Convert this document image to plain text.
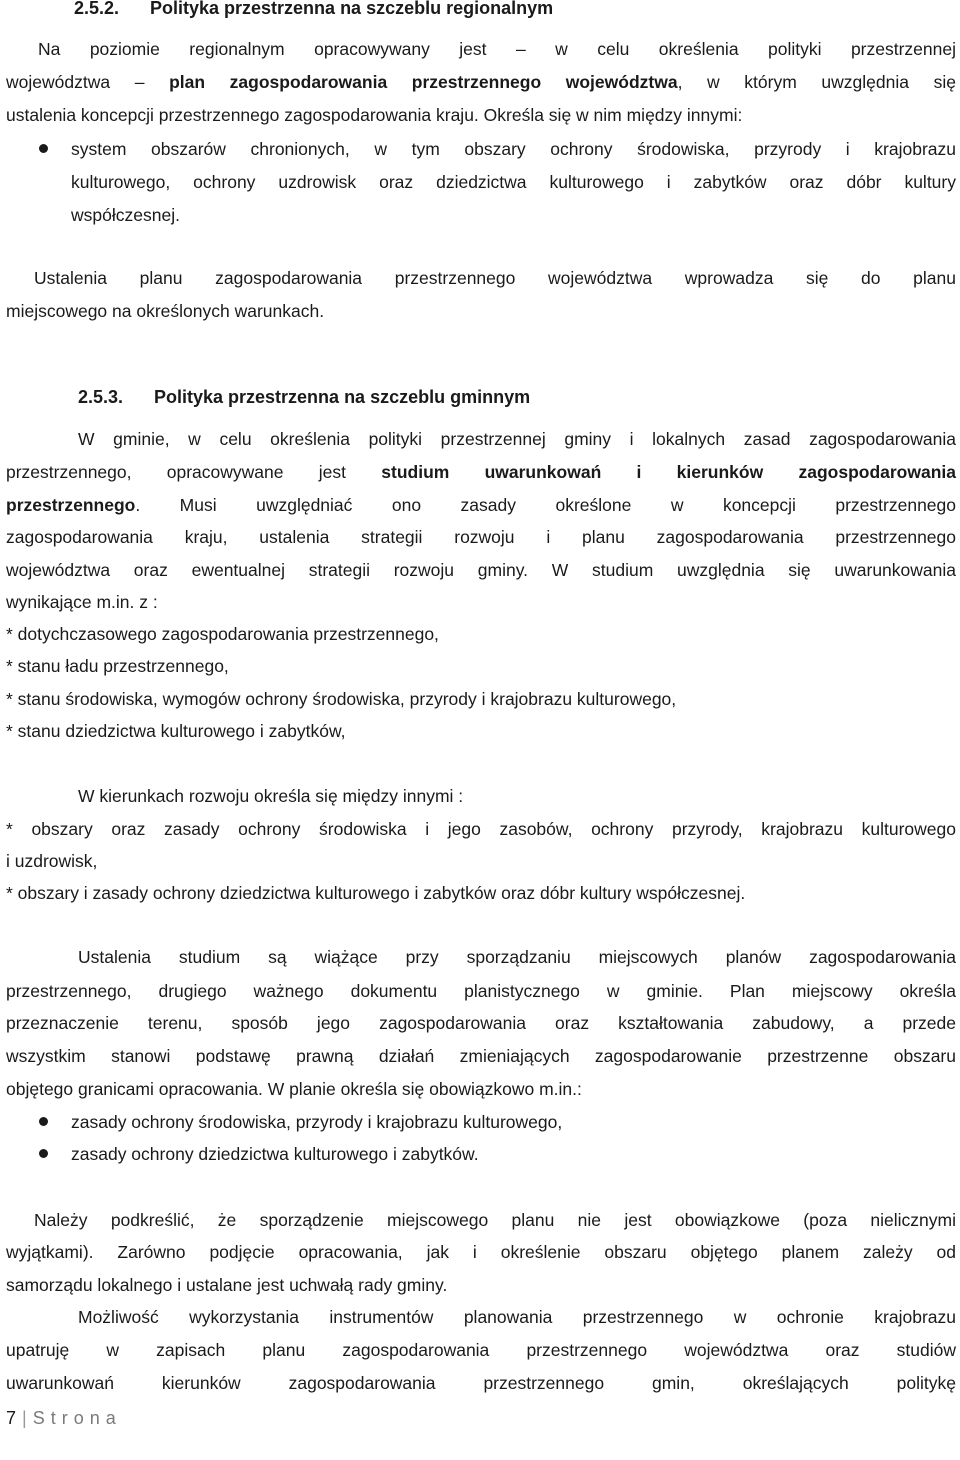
2.5.2. Polityka przestrzenna na szczeblu regionalnym
Na poziomie regionalnym opracowywany jest – w celu określenia polityki przestrzennej
województwa – plan zagospodarowania przestrzennego województwa, w którym uwzględnia się
ustalenia koncepcji przestrzennego zagospodarowania kraju. Określa się w nim między innymi:
system obszarów chronionych, w tym obszary ochrony środowiska, przyrody i krajobrazu
kulturowego, ochrony uzdrowisk oraz dziedzictwa kulturowego i zabytków oraz dóbr kultury
współczesnej.
Ustalenia planu zagospodarowania przestrzennego województwa wprowadza się do planu
miejscowego na określonych warunkach.
2.5.3. Polityka przestrzenna na szczeblu gminnym
W gminie, w celu określenia polityki przestrzennej gminy i lokalnych zasad zagospodarowania
przestrzennego, opracowywane jest studium uwarunkowań i kierunków zagospodarowania
przestrzennego. Musi uwzględniać ono zasady określone w koncepcji przestrzennego
zagospodarowania kraju, ustalenia strategii rozwoju i planu zagospodarowania przestrzennego
województwa oraz ewentualnej strategii rozwoju gminy. W studium uwzględnia się uwarunkowania
wynikające m.in. z :
* dotychczasowego zagospodarowania przestrzennego,
* stanu ładu przestrzennego,
* stanu środowiska, wymogów ochrony środowiska, przyrody i krajobrazu kulturowego,
* stanu dziedzictwa kulturowego i zabytków,
W kierunkach rozwoju określa się między innymi :
* obszary oraz zasady ochrony środowiska i jego zasobów, ochrony przyrody, krajobrazu kulturowego
i uzdrowisk,
* obszary i zasady ochrony dziedzictwa kulturowego i zabytków oraz dóbr kultury współczesnej.
Ustalenia studium są wiążące przy sporządzaniu miejscowych planów zagospodarowania
przestrzennego, drugiego ważnego dokumentu planistycznego w gminie. Plan miejscowy określa
przeznaczenie terenu, sposób jego zagospodarowania oraz kształtowania zabudowy, a przede
wszystkim stanowi podstawę prawną działań zmieniających zagospodarowanie przestrzenne obszaru
objętego granicami opracowania. W planie określa się obowiązkowo m.in.:
zasady ochrony środowiska, przyrody i krajobrazu kulturowego,
zasady ochrony dziedzictwa kulturowego i zabytków.
Należy podkreślić, że sporządzenie miejscowego planu nie jest obowiązkowe (poza nielicznymi
wyjątkami). Zarówno podjęcie opracowania, jak i określenie obszaru objętego planem zależy od
samorządu lokalnego i ustalane jest uchwałą rady gminy.
Możliwość wykorzystania instrumentów planowania przestrzennego w ochronie krajobrazu
upatruję w zapisach planu zagospodarowania przestrzennego województwa oraz studiów
uwarunkowań kierunków zagospodarowania przestrzennego gmin, określających politykę
7 | Strona
